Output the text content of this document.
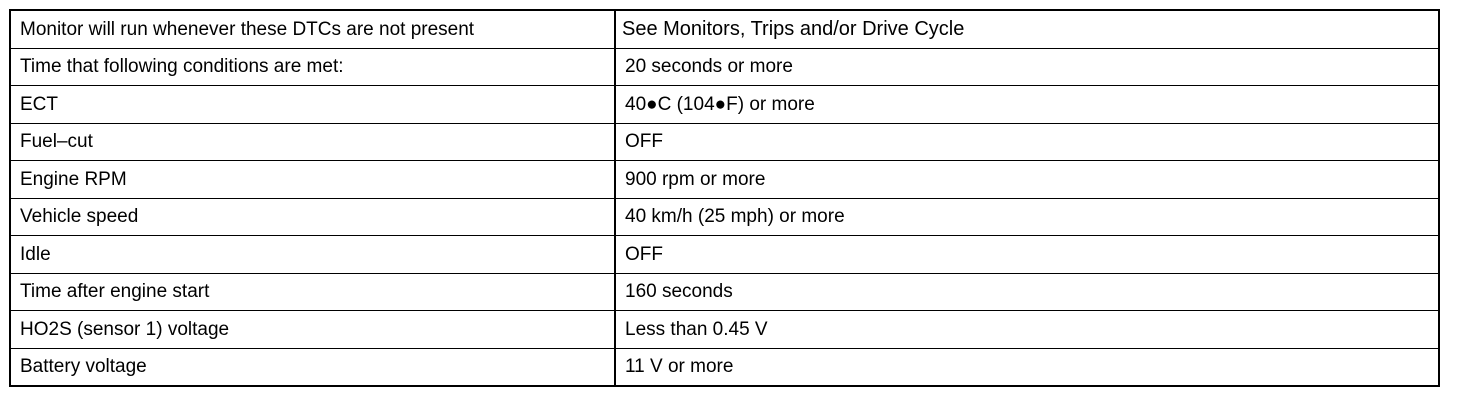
Monitor will run whenever these DTCs are not present	See Monitors, Trips and/or Drive Cycle
Time that following conditions are met:	20 seconds or more
ECT	40●C (104●F) or more
Fuel–cut	OFF
Engine RPM	900 rpm or more
Vehicle speed	40 km/h (25 mph) or more
Idle	OFF
Time after engine start	160 seconds
HO2S (sensor 1) voltage	Less than 0.45 V
Battery voltage	11 V or more
